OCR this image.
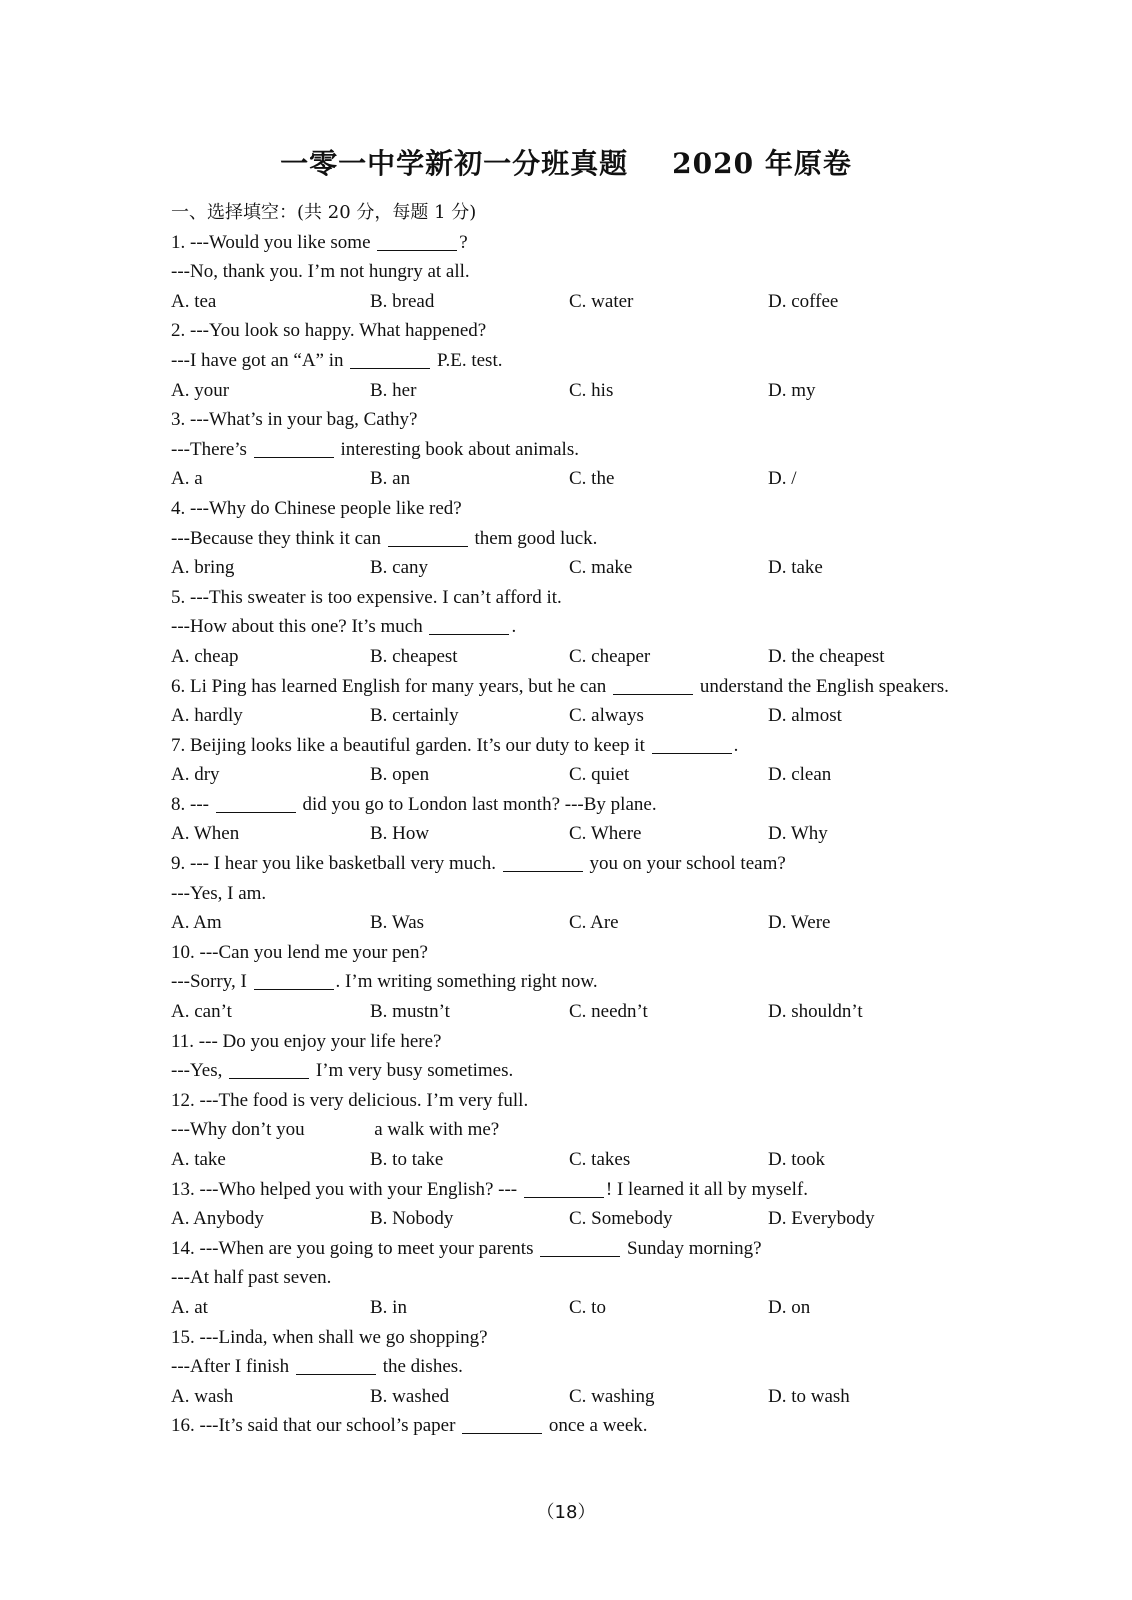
一零一中学新初一分班真题 2020 年原卷
一、选择填空：(共 20 分，每题 1 分)
1. ---Would you like some	?
---No, thank you. I’m not hungry at all.
A. tea	B. bread	C. water	D. coffee
2. ---You look so happy. What happened?
---I have got an “A” in	P.E. test.
A. your	B. her	C. his	D. my
3. ---What’s in your bag, Cathy?
---There’s	interesting book about animals.
A. a	B. an	C. the	D. /
4. ---Why do Chinese people like red?
---Because they think it can	them good luck.
A. bring	B. cany	C. make	D. take
5. ---This sweater is too expensive. I can’t afford it.
---How about this one? It’s much	.
A. cheap	B. cheapest	C. cheaper	D. the cheapest
6. Li Ping has learned English for many years, but he can	understand the English speakers.
A. hardly	B. certainly	C. always	D. almost
7. Beijing looks like a beautiful garden. It’s our duty to keep it	.
A. dry	B. open	C. quiet	D. clean
8. ---	did you go to London last month? ---By plane.
A. When	B. How	C. Where	D. Why
9. --- I hear you like basketball very much.	you on your school team?
---Yes, I am.
A. Am	B. Was	C. Are	D. Were
10. ---Can you lend me your pen?
---Sorry, I	. I’m writing something right now.
A. can’t	B. mustn’t	C. needn’t	D. shouldn’t
11. --- Do you enjoy your life here?
---Yes,	I’m very busy sometimes.
12. ---The food is very delicious. I’m very full.
---Why don’t you	a walk with me?
A. take	B. to take	C. takes	D. took
13. ---Who helped you with your English? ---	! I learned it all by myself.
A. Anybody	B. Nobody	C. Somebody	D. Everybody
14. ---When are you going to meet your parents	Sunday morning?
---At half past seven.
A. at	B. in	C. to	D. on
15. ---Linda, when shall we go shopping?
---After I finish	the dishes.
A. wash	B. washed	C. washing	D. to wash
16. ---It’s said that our school’s paper	once a week.
（18）
